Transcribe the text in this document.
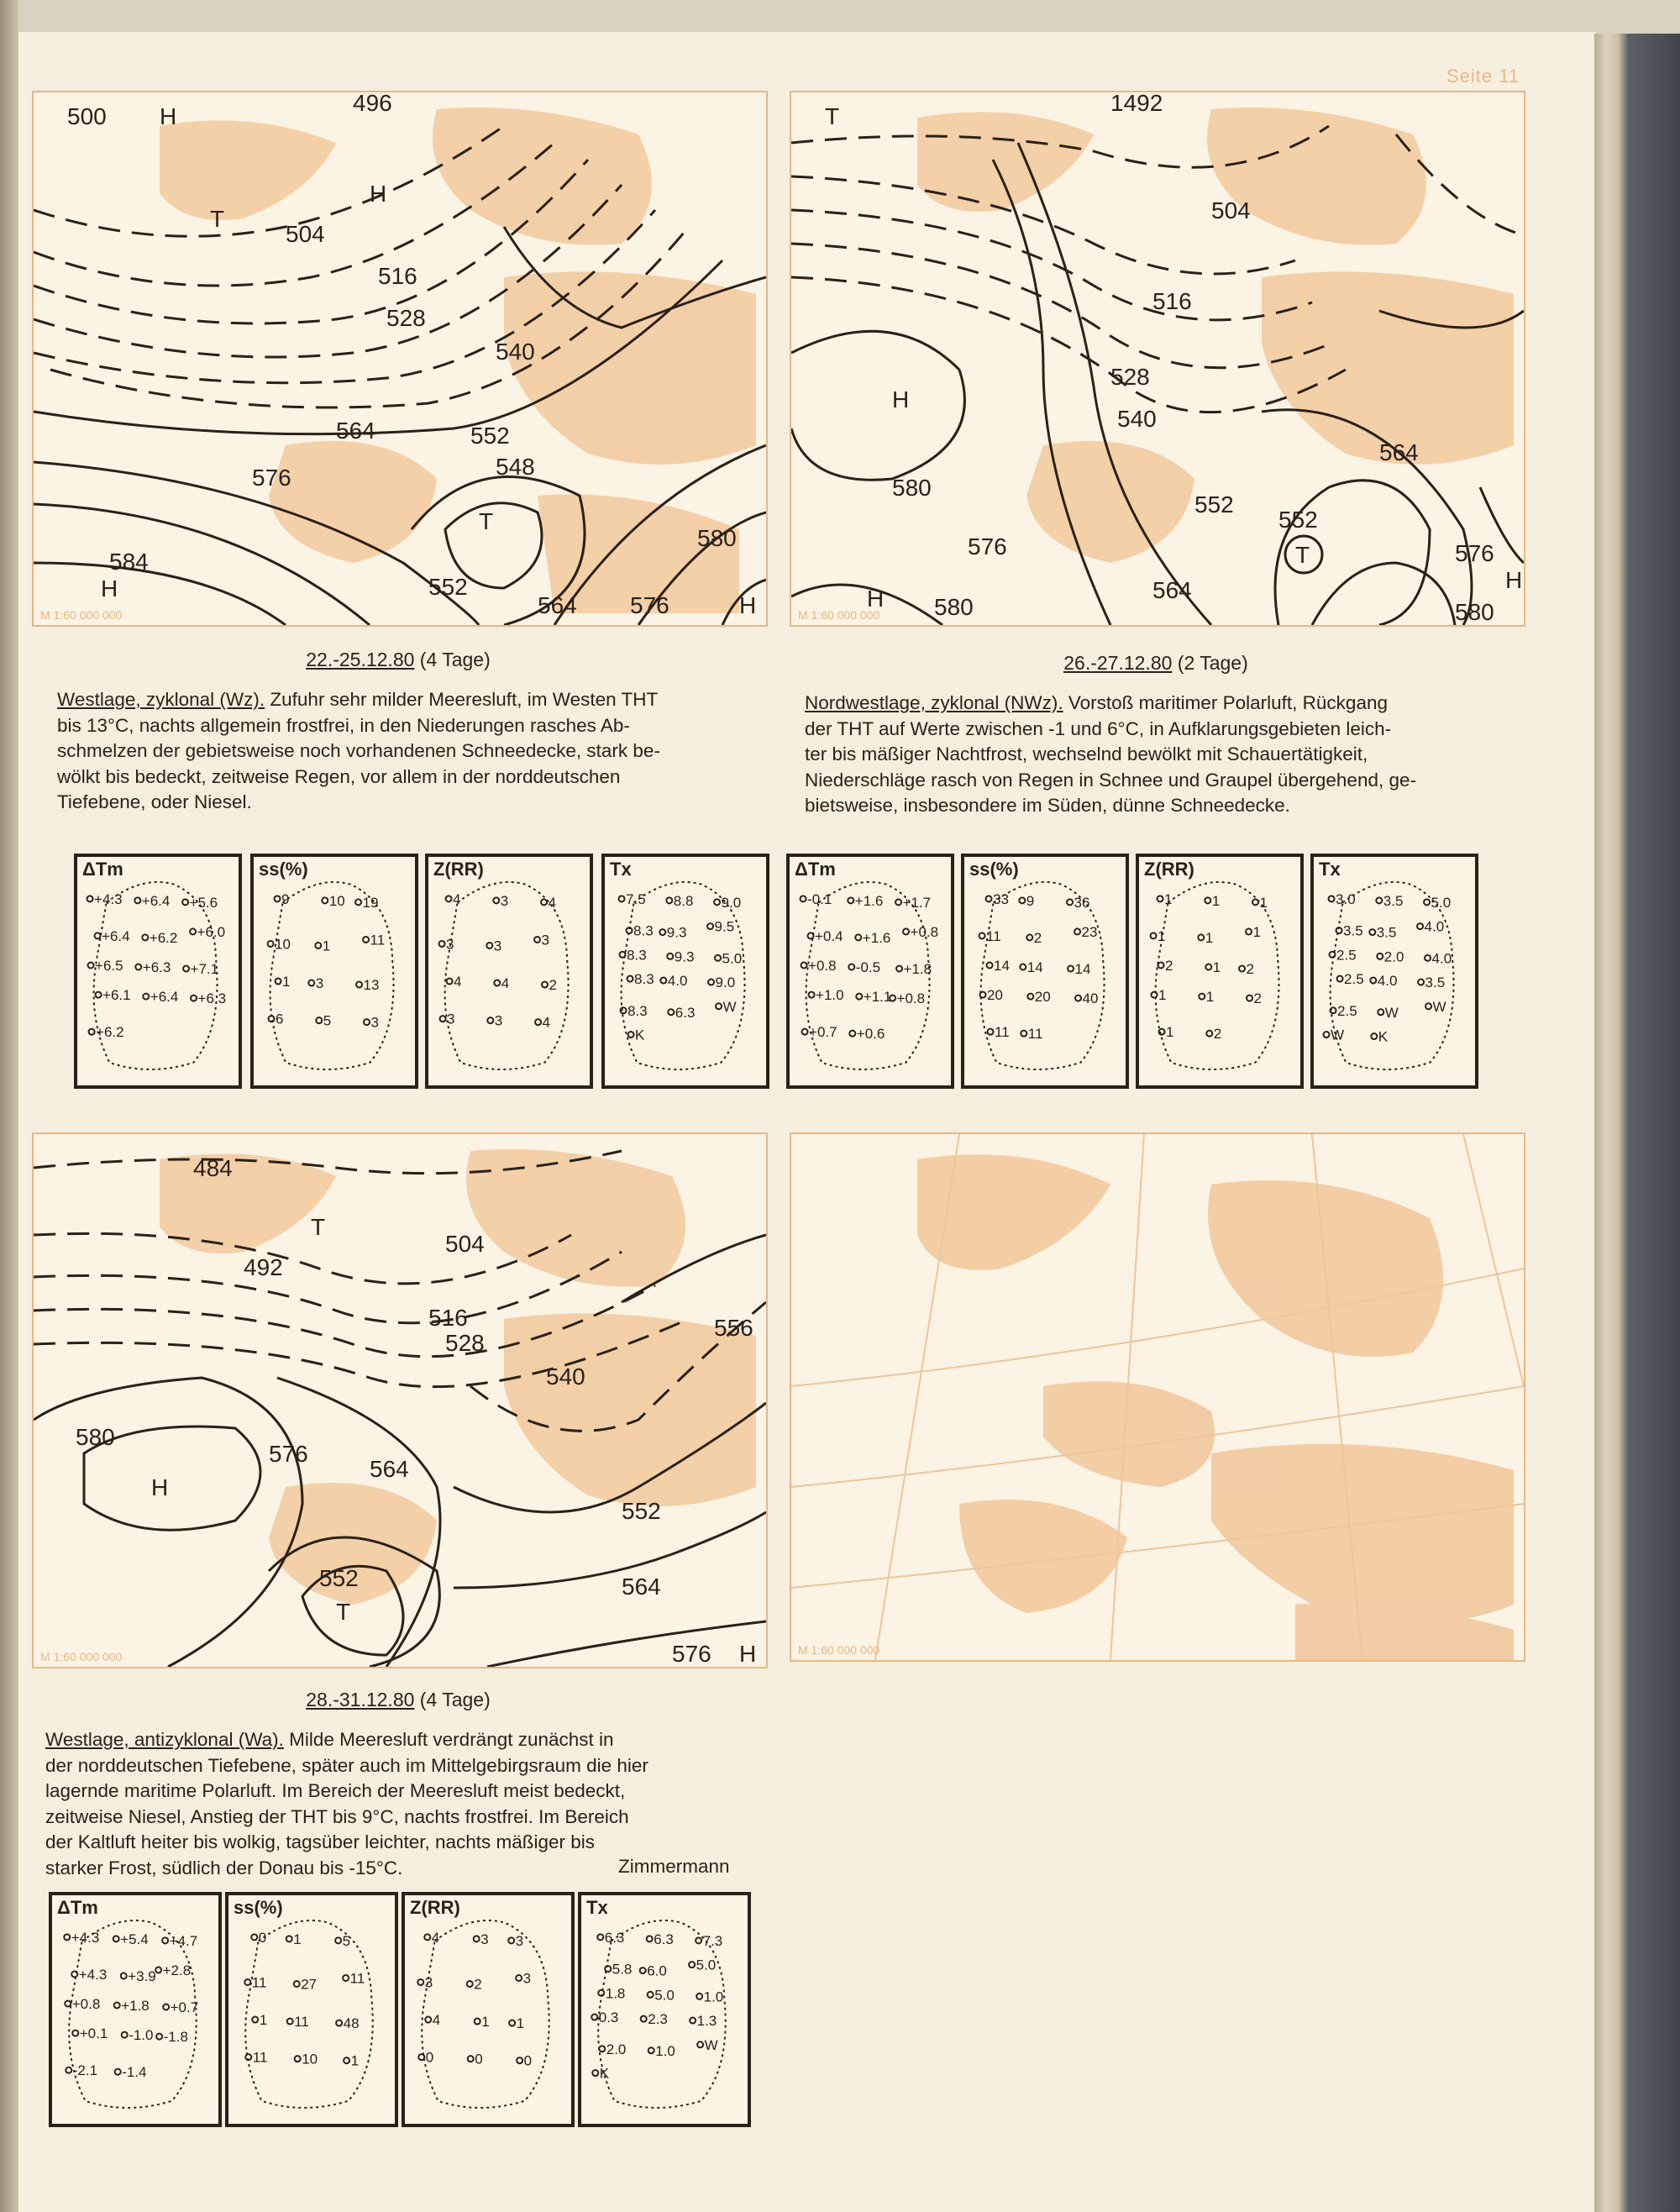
Seite 11
500
496
504
516
528
540
552
548
564
576
584
580
552
564 576
H
T
H
T
H
H
M 1:60 000 000
1492
504
516
528
540
552
552
564
564
576	576
580
580	580
T
H
H
T
H
M 1:60 000 000
22.-25.12.80 (4 Tage)
Westlage, zyklonal (Wz). Zufuhr sehr milder Meeresluft, im Westen THT
bis 13°C, nachts allgemein frostfrei, in den Niederungen rasches Ab-
schmelzen der gebietsweise noch vorhandenen Schneedecke, stark be-
wölkt bis bedeckt, zeitweise Regen, vor allem in der norddeutschen
Tiefebene, oder Niesel.
26.-27.12.80 (2 Tage)
Nordwestlage, zyklonal (NWz). Vorstoß maritimer Polarluft, Rückgang
der THT auf Werte zwischen -1 und 6°C, in Aufklarungsgebieten leich-
ter bis mäßiger Nachtfrost, wechselnd bewölkt mit Schauertätigkeit,
Niederschläge rasch von Regen in Schnee und Graupel übergehend, ge-
bietsweise, insbesondere im Süden, dünne Schneedecke.
+4.3 +6.4 +5.6
+6.4 +6.2 +6.0
+6.5 +6.3 +7.1
+6.1 +6.4 +6.3
+6.2
ΔTm
9	10 19
10 1	11
1 3	13
6	5	3
ss(%)
4	3	4
3	3	3
4	4	2
3	3	4
Z(RR)
7.5 8.8 9.0
8.3 9.3 9.5
8.3 9.3 5.0
8.3 4.0 9.0
8.3 6.3 W
K
Tx
-0.1 +1.6 +1.7
+0.4 +1.6 +0.8
+0.8 -0.5 +1.8
+1.0 +1.1 +0.8
+0.7 +0.6
ΔTm
33 9	36
11 2	23
14 14 14
20 20 40
11 11
ss(%)
1	1	1
1	1	1
2	1 2
1	1	2
1	2
Z(RR)
3.0 3.5 5.0
3.5 3.5 4.0
2.5 2.0 4.0
2.5 4.0 3.5
2.5 W W
W K
Tx
484
492
504
516
528
540
556
552
564
564
576
576
580
552
H
T
T
H
M 1:60 000 000	M 1:60 000 000
28.-31.12.80 (4 Tage)
Westlage, antizyklonal (Wa). Milde Meeresluft verdrängt zunächst in
der norddeutschen Tiefebene, später auch im Mittelgebirgsraum die hier
lagernde maritime Polarluft. Im Bereich der Meeresluft meist bedeckt,
zeitweise Niesel, Anstieg der THT bis 9°C, nachts frostfrei. Im Bereich
der Kaltluft heiter bis wolkig, tagsüber leichter, nachts mäßiger bis
starker Frost, südlich der Donau bis -15°C.	Zimmermann
+4.3 +5.4 +4.7
+4.3 +3.9 +2.8
+0.8 +1.8 +0.7
+0.1 -1.0 -1.8
-2.1 -1.4
ΔTm
0 1	5
11 27 11
1 11 48
11 10 1
ss(%)
4	3 3
3	2	3
4	1 1
0	0	0
Z(RR)
6.3 6.3 7.3
5.8 6.0 5.0
1.8 5.0 1.0
0.3 2.3 1.3
2.0 1.0 W
K
Tx
